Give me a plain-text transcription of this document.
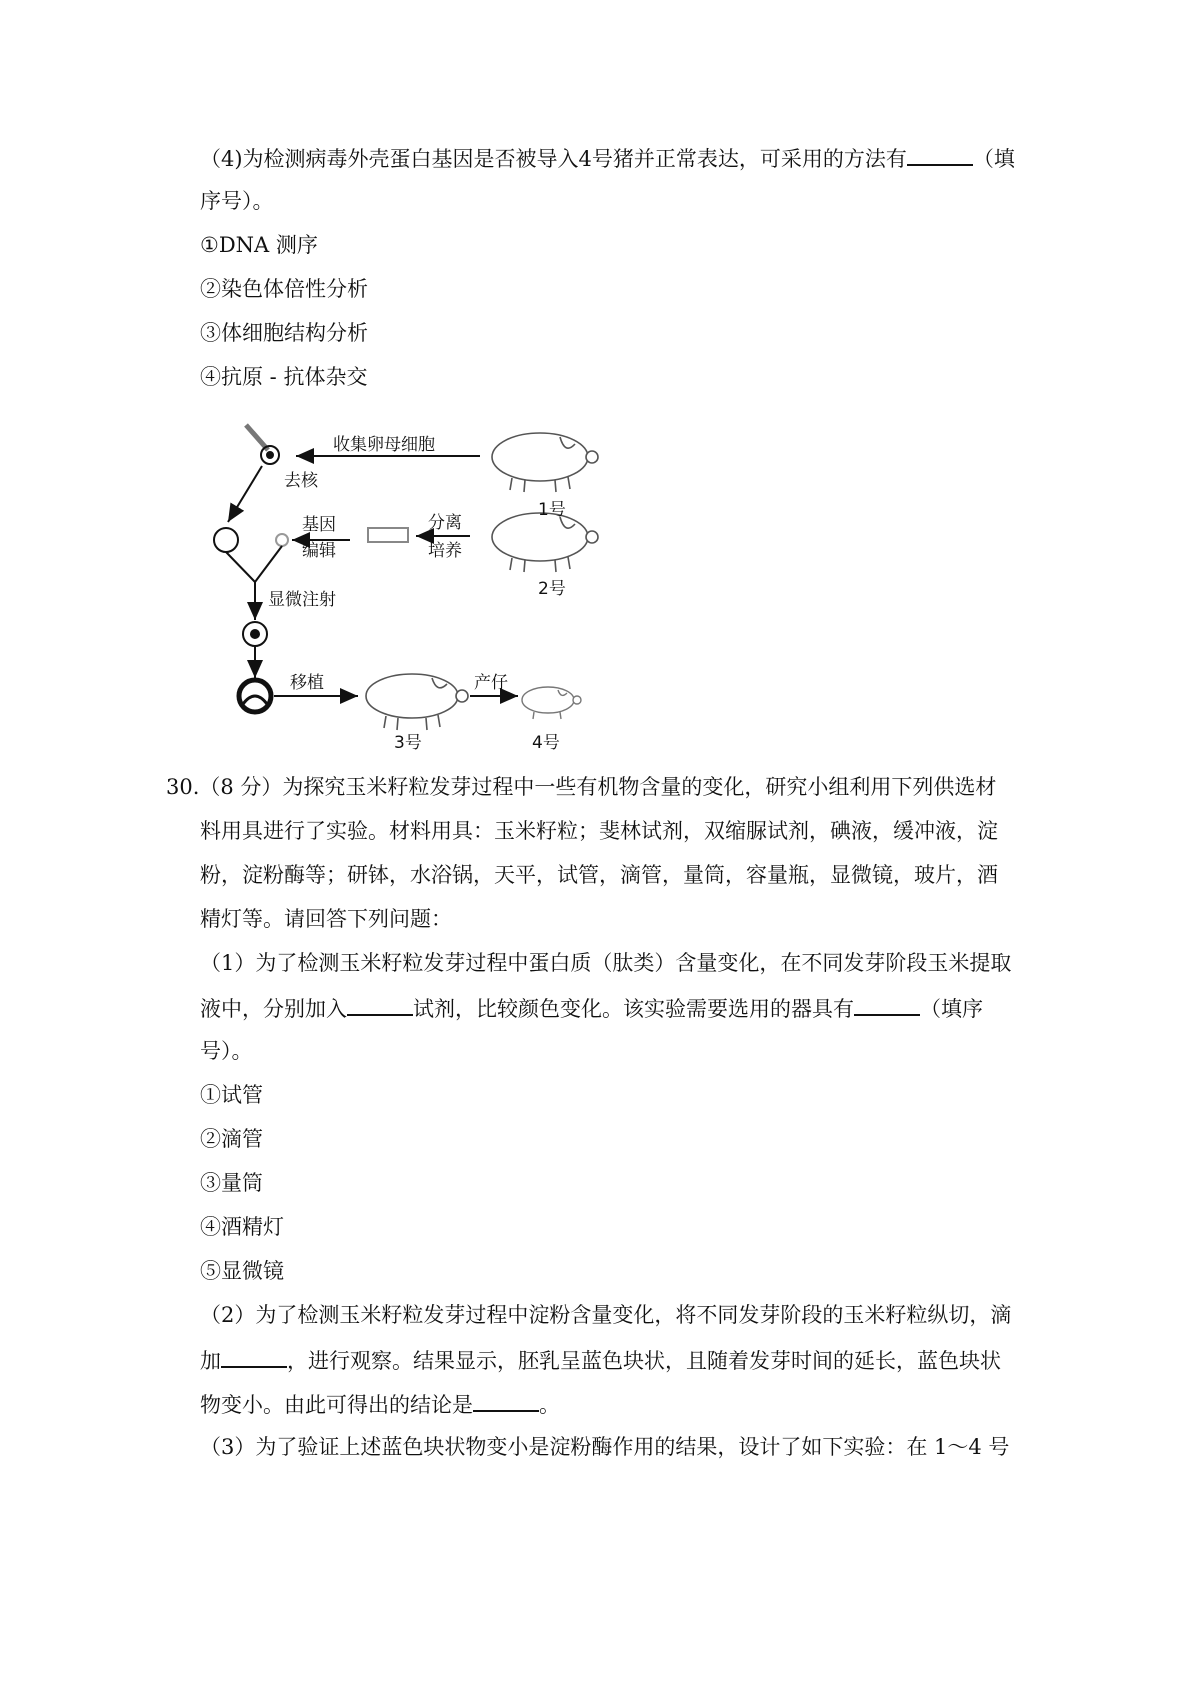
（4)为检测病毒外壳蛋白基因是否被导入4号猪并正常表达，可采用的方法有	（填
序号）。
①DNA 测序
②染色体倍性分析
③体细胞结构分析
④抗原 - 抗体杂交
收集卵母细胞
去核
1号
基因
编辑
分离
培养
2号
显微注射
移植	产仔
3号	4号
30.（8 分）为探究玉米籽粒发芽过程中一些有机物含量的变化，研究小组利用下列供选材
料用具进行了实验。材料用具：玉米籽粒；斐林试剂，双缩脲试剂，碘液，缓冲液，淀
粉，淀粉酶等；研钵，水浴锅，天平，试管，滴管，量筒，容量瓶，显微镜，玻片，酒
精灯等。请回答下列问题：
（1）为了检测玉米籽粒发芽过程中蛋白质（肽类）含量变化，在不同发芽阶段玉米提取
液中，分别加入	试剂，比较颜色变化。该实验需要选用的器具有	（填序
号）。
①试管
②滴管
③量筒
④酒精灯
⑤显微镜
（2）为了检测玉米籽粒发芽过程中淀粉含量变化，将不同发芽阶段的玉米籽粒纵切，滴
加	，进行观察。结果显示，胚乳呈蓝色块状，且随着发芽时间的延长，蓝色块状
物变小。由此可得出的结论是	。
（3）为了验证上述蓝色块状物变小是淀粉酶作用的结果，设计了如下实验：在 1～4 号
